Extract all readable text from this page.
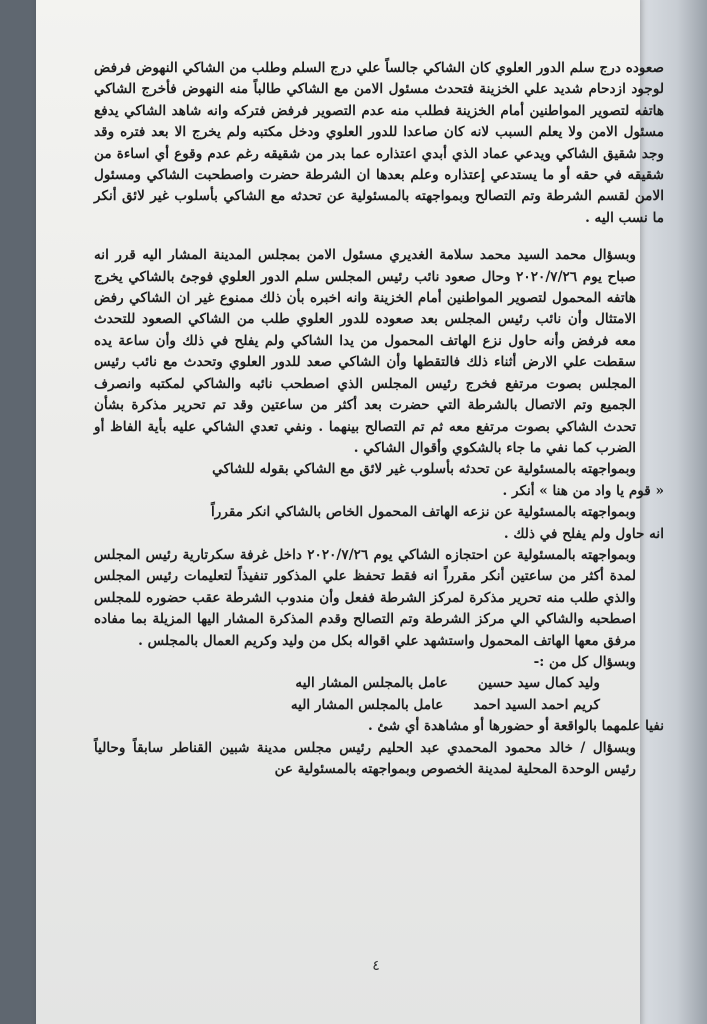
صعوده درج سلم الدور العلوي كان الشاكي جالساً علي درج السلم وطلب من الشاكي النهوض فرفض لوجود ازدحام شديد علي الخزينة فتحدث مسئول الامن مع الشاكي طالباً منه النهوض فأخرج الشاكي هاتفه لتصوير المواطنين أمام الخزينة فطلب منه عدم التصوير فرفض فتركه وانه شاهد الشاكي يدفع مسئول الامن ولا يعلم السبب لانه كان صاعدا للدور العلوي ودخل مكتبه ولم يخرج الا بعد فتره وقد وجد شقيق الشاكي ويدعي عماد الذي أبدي اعتذاره عما بدر من شقيقه رغم عدم وقوع أي اساءة من شقيقه في حقه أو ما يستدعي إعتذاره وعلم بعدها ان الشرطة حضرت واصطحبت الشاكي ومسئول الامن لقسم الشرطة وتم التصالح وبمواجهته بالمسئولية عن تحدثه مع الشاكي بأسلوب غير لائق أنكر ما نسب اليه .

وبسؤال محمد السيد محمد سلامة الغديري مسئول الامن بمجلس المدينة المشار اليه قرر انه صباح يوم ٢٠٢٠/٧/٢٦ وحال صعود نائب رئيس المجلس سلم الدور العلوي فوجئ بالشاكي يخرج هاتفه المحمول لتصوير المواطنين أمام الخزينة وانه اخبره بأن ذلك ممنوع غير ان الشاكي رفض الامتثال وأن نائب رئيس المجلس بعد صعوده للدور العلوي طلب من الشاكي الصعود للتحدث معه فرفض وأنه حاول نزع الهاتف المحمول من يدا الشاكي ولم يفلح في ذلك وأن ساعة يده سقطت علي الارض أثناء ذلك فالتقطها وأن الشاكي صعد للدور العلوي وتحدث مع نائب رئيس المجلس بصوت مرتفع فخرج رئيس المجلس الذي اصطحب نائبه والشاكي لمكتبه وانصرف الجميع وتم الاتصال بالشرطة التي حضرت بعد أكثر من ساعتين وقد تم تحرير مذكرة بشأن تحدث الشاكي بصوت مرتفع معه ثم تم التصالح بينهما . ونفي تعدي الشاكي عليه بأية الفاظ أو الضرب كما نفي ما جاء بالشكوي وأقوال الشاكي .

وبمواجهته بالمسئولية عن تحدثه بأسلوب غير لائق مع الشاكي بقوله للشاكي

« قوم يا واد من هنا » أنكر .

وبمواجهته بالمسئولية عن نزعه الهاتف المحمول الخاص بالشاكي انكر مقرراً

انه حاول ولم يفلح في ذلك .

وبمواجهته بالمسئولية عن احتجازه الشاكي يوم ٢٠٢٠/٧/٢٦ داخل غرفة سكرتارية رئيس المجلس لمدة أكثر من ساعتين أنكر مقرراً انه فقط تحفظ علي المذكور تنفيذاً لتعليمات رئيس المجلس والذي طلب منه تحرير مذكرة لمركز الشرطة ففعل وأن مندوب الشرطة عقب حضوره للمجلس اصطحبه والشاكي الي مركز الشرطة وتم التصالح وقدم المذكرة المشار اليها المزيلة بما مفاده مرفق معها الهاتف المحمول واستشهد علي اقواله بكل من وليد وكريم العمال بالمجلس .

وبسؤال كل من :-

وليد كمال سيد حسين
عامل بالمجلس المشار اليه
كريم احمد السيد احمد
عامل بالمجلس المشار اليه

نفيا علمهما بالواقعة أو حضورها أو مشاهدة أي شئ .

وبسؤال / خالد محمود المحمدي عبد الحليم رئيس مجلس مدينة شبين القناطر سابقاً وحالياً رئيس الوحدة المحلية لمدينة الخصوص وبمواجهته بالمسئولية عن

٤
